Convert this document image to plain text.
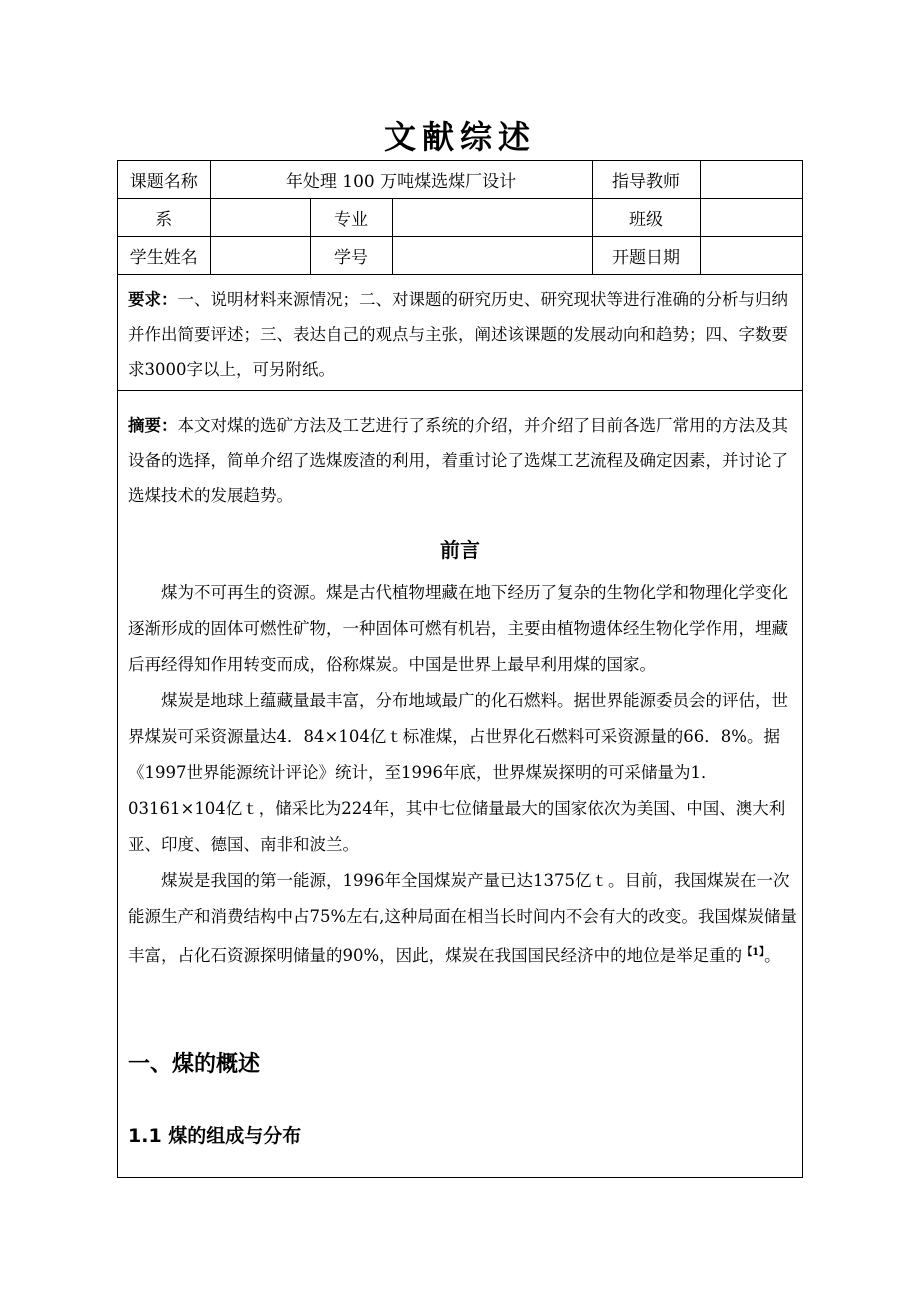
文献综述
课题名称	年处理 100 万吨煤选煤厂设计			指导教师	
系		专业		班级	
学生姓名		学号		开题日期	
要求：一、说明材料来源情况；二、对课题的研究历史、研究现状等进行准确的分析与归纳并作出简要评述；三、表达自己的观点与主张，阐述该课题的发展动向和趋势；四、字数要求3000字以上，可另附纸。
摘要：本文对煤的选矿方法及工艺进行了系统的介绍，并介绍了目前各选厂常用的方法及其设备的选择，简单介绍了选煤废渣的利用，着重讨论了选煤工艺流程及确定因素，并讨论了选煤技术的发展趋势。
前言

煤为不可再生的资源。煤是古代植物埋藏在地下经历了复杂的生物化学和物理化学变化逐渐形成的固体可燃性矿物，一种固体可燃有机岩，主要由植物遗体经生物化学作用，埋藏后再经得知作用转变而成，俗称煤炭。中国是世界上最早利用煤的国家。

煤炭是地球上蕴藏量最丰富，分布地域最广的化石燃料。据世界能源委员会的评估，世界煤炭可采资源量达4．84×104亿ｔ标准煤，占世界化石燃料可采资源量的66．8%。据《1997世界能源统计评论》统计，至1996年底，世界煤炭探明的可采储量为1．03161×104亿ｔ，储采比为224年，其中七位储量最大的国家依次为美国、中国、澳大利亚、印度、德国、南非和波兰。

煤炭是我国的第一能源，1996年全国煤炭产量已达1375亿ｔ。目前，我国煤炭在一次能源生产和消费结构中占75%左右,这种局面在相当长时间内不会有大的改变。我国煤炭储量丰富，占化石资源探明储量的90%，因此，煤炭在我国国民经济中的地位是举足重的$^{【1】}$。

一、煤的概述
1.1 煤的组成与分布
